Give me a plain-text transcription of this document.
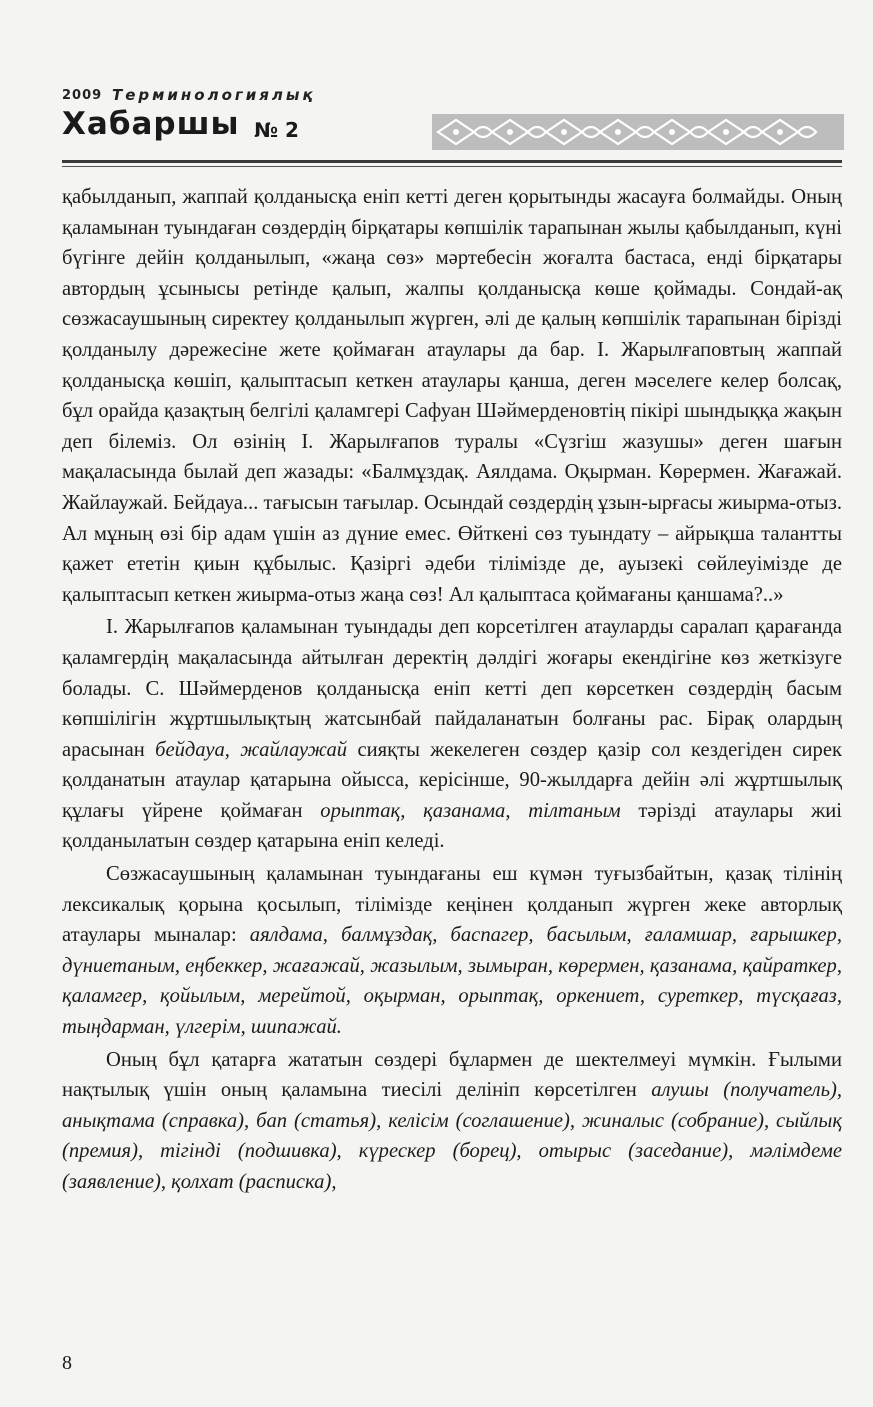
2009 Терминологиялық
Хабаршы № 2

қабылданып, жаппай қолданысқа еніп кетті деген қорытынды жасауға болмайды. Оның қаламынан туындаған сөздердің бірқатары көпшілік тарапынан жылы қабылданып, күні бүгінге дейін қолданылып, «жаңа сөз» мәртебесін жоғалта бастаса, енді бірқатары автордың ұсынысы ретінде қалып, жалпы қолданысқа көше қоймады. Сондай-ақ сөзжасаушының сиректеу қолданылып жүрген, әлі де қалың көпшілік тарапынан бірізді қолданылу дәрежесіне жете қоймаған атаулары да бар. І. Жарылғаповтың жаппай қолданысқа көшіп, қалыптасып кеткен атаулары қанша, деген мәселеге келер болсақ, бұл орайда қазақтың белгілі қаламгері Сафуан Шәймерденовтің пікірі шындыққа жақын деп білеміз. Ол өзінің І. Жарылғапов туралы «Сүзгіш жазушы» деген шағын мақаласында былай деп жазады: «Балмұздақ. Аялдама. Оқырман. Көрермен. Жағажай. Жайлаужай. Бейдауа... тағысын тағылар. Осындай сөздердің ұзын-ырғасы жиырма-отыз. Ал мұның өзі бір адам үшін аз дүние емес. Өйткені сөз туындату – айрықша талантты қажет ететін қиын құбылыс. Қазіргі әдеби тілімізде де, ауызекі сөйлеуімізде де қалыптасып кеткен жиырма-отыз жаңа сөз! Ал қалыптаса қоймағаны қаншама?..»

І. Жарылғапов қаламынан туындады деп корсетілген атауларды саралап қарағанда қаламгердің мақаласында айтылған деректің дәлдігі жоғары екендігіне көз жеткізуге болады. С. Шәймерденов қолданысқа еніп кетті деп көрсеткен сөздердің басым көпшілігін жұртшылықтың жатсынбай пайдаланатын болғаны рас. Бірақ олардың арасынан бейдауа, жайлаужай сияқты жекелеген сөздер қазір сол кездегіден сирек қолданатын атаулар қатарына ойысса, керісінше, 90-жылдарға дейін әлі жұртшылық құлағы үйрене қоймаған орыптақ, қазанама, тілтаным тәрізді атаулары жиі қолданылатын сөздер қатарына еніп келеді.

Сөзжасаушының қаламынан туындағаны еш күмән туғызбайтын, қазақ тілінің лексикалық қорына қосылып, тілімізде кеңінен қолданып жүрген жеке авторлық атаулары мыналар: аялдама, балмұздақ, баспагер, басылым, ғаламшар, ғарышкер, дүниетаным, еңбеккер, жағажай, жазылым, зымыран, көрермен, қазанама, қайраткер, қаламгер, қойылым, мерейтой, оқырман, орыптақ, оркениет, суреткер, түсқағаз, тыңдарман, үлгерім, шипажай.

Оның бұл қатарға жататын сөздері бұлармен де шектелмеуі мүмкін. Ғылыми нақтылық үшін оның қаламына тиесілі делініп көрсетілген алушы (получатель), анықтама (справка), бап (статья), келісім (соглашение), жиналыс (собрание), сыйлық (премия), тігінді (подшивка), күрескер (борец), отырыс (заседание), мәлімдеме (заявление), қолхат (расписка),

8
